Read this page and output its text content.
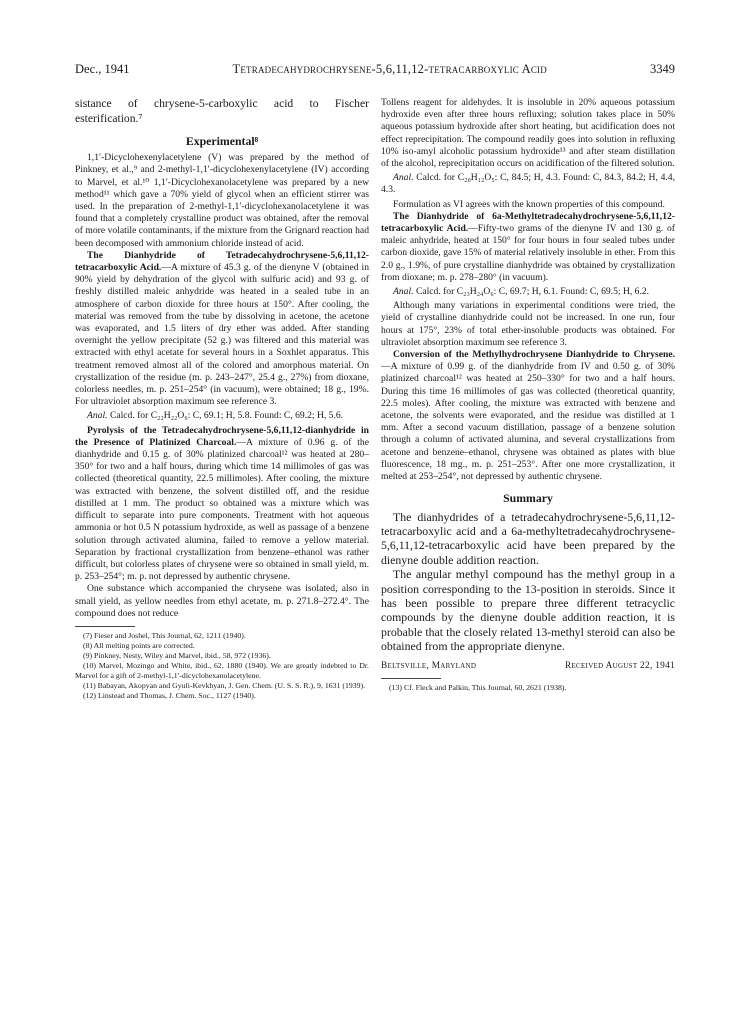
Dec., 1941	Tetradecahydrochrysene-5,6,11,12-tetracarboxylic Acid	3349

sistance of chrysene-5-carboxylic acid to Fischer esterification.⁷

Experimental⁸

1,1′-Dicyclohexenylacetylene (V) was prepared by the method of Pinkney, et al.,⁹ and 2-methyl-1,1′-dicyclohexenylacetylene (IV) according to Marvel, et al.¹⁰ 1,1′-Dicyclohexanolacetylene was prepared by a new method¹¹ which gave a 70% yield of glycol when an efficient stirrer was used. In the preparation of 2-methyl-1,1′-dicyclohexanolacetylene it was found that a completely crystalline product was obtained, after the removal of more volatile contaminants, if the mixture from the Grignard reaction had been decomposed with ammonium chloride instead of acid.

The Dianhydride of Tetradecahydrochrysene-5,6,11,12-tetracarboxylic Acid.—A mixture of 45.3 g. of the dienyne V (obtained in 90% yield by dehydration of the glycol with sulfuric acid) and 93 g. of freshly distilled maleic anhydride was heated in a sealed tube in an atmosphere of carbon dioxide for three hours at 150°. After cooling, the material was removed from the tube by dissolving in acetone, the acetone was evaporated, and 1.5 liters of dry ether was added. After standing overnight the yellow precipitate (52 g.) was filtered and this material was extracted with ethyl acetate for several hours in a Soxhlet apparatus. This treatment removed almost all of the colored and amorphous material. On crystallization of the residue (m. p. 243–247°, 25.4 g., 27%) from dioxane, colorless needles, m. p. 251–254° (in vacuum), were obtained; 18 g., 19%. For ultraviolet absorption maximum see reference 3.

Anal. Calcd. for C₂₂H₂₂O₆: C, 69.1; H, 5.8. Found: C, 69.2; H, 5.6.

Pyrolysis of the Tetradecahydrochrysene-5,6,11,12-dianhydride in the Presence of Platinized Charcoal.—A mixture of 0.96 g. of the dianhydride and 0.15 g. of 30% platinized charcoal¹² was heated at 280–350° for two and a half hours, during which time 14 millimoles of gas was collected (theoretical quantity, 22.5 millimoles). After cooling, the mixture was extracted with benzene, the solvent distilled off, and the residue distilled at 1 mm. The product so obtained was a mixture which was difficult to separate into pure components. Treatment with hot aqueous ammonia or hot 0.5 N potassium hydroxide, as well as passage of a benzene solution through activated alumina, failed to remove a yellow material. Separation by fractional crystallization from benzene–ethanol was rather difficult, but colorless plates of chrysene were so obtained in small yield, m. p. 253–254°; m. p. not depressed by authentic chrysene.

One substance which accompanied the chrysene was isolated, also in small yield, as yellow needles from ethyl acetate, m. p. 271.8–272.4°. The compound does not reduce

(7) Fieser and Joshel, This Journal, 62, 1211 (1940).

(8) All melting points are corrected.

(9) Pinkney, Nesty, Wiley and Marvel, ibid., 58, 972 (1936).

(10) Marvel, Mozingo and White, ibid., 62, 1880 (1940). We are greatly indebted to Dr. Marvel for a gift of 2-methyl-1,1′-dicyclohexanolacetylene.

(11) Babayan, Akopyan and Gyuli-Kevkhyan, J. Gen. Chem. (U. S. S. R.), 9, 1631 (1939).

(12) Linstead and Thomas, J. Chem. Soc., 1127 (1940).

Tollens reagent for aldehydes. It is insoluble in 20% aqueous potassium hydroxide even after three hours refluxing; solution takes place in 50% aqueous potassium hydroxide after short heating, but acidification does not effect reprecipitation. The compound readily goes into solution in refluxing 10% iso-amyl alcoholic potassium hydroxide¹³ and after steam distillation of the alcohol, reprecipitation occurs on acidification of the filtered solution.

Anal. Calcd. for C₂₀H₁₂O₅: C, 84.5; H, 4.3. Found: C, 84.3, 84.2; H, 4.4, 4.3.

Formulation as VI agrees with the known properties of this compound.

The Dianhydride of 6a-Methyltetradecahydrochrysene-5,6,11,12-tetracarboxylic Acid.—Fifty-two grams of the dienyne IV and 130 g. of maleic anhydride, heated at 150° for four hours in four sealed tubes under carbon dioxide, gave 15% of material relatively insoluble in ether. From this 2.0 g., 1.9%, of pure crystalline dianhydride was obtained by crystallization from dioxane; m. p. 278–280° (in vacuum).

Anal. Calcd. for C₂₃H₂₄O₆: C, 69.7; H, 6.1. Found: C, 69.5; H, 6.2.

Although many variations in experimental conditions were tried, the yield of crystalline dianhydride could not be increased. In one run, four hours at 175°, 23% of total ether-insoluble products was obtained. For ultraviolet absorption maximum see reference 3.

Conversion of the Methylhydrochrysene Dianhydride to Chrysene.—A mixture of 0.99 g. of the dianhydride from IV and 0.50 g. of 30% platinized charcoal¹² was heated at 250–330° for two and a half hours. During this time 16 millimoles of gas was collected (theoretical quantity, 22.5 moles). After cooling, the mixture was extracted with benzene and acetone, the solvents were evaporated, and the residue was distilled at 1 mm. After a second vacuum distillation, passage of a benzene solution through a column of activated alumina, and several crystallizations from acetone and benzene–ethanol, chrysene was obtained as plates with blue fluorescence, 18 mg., m. p. 251–253°. After one more crystallization, it melted at 253–254°, not depressed by authentic chrysene.

Summary

The dianhydrides of a tetradecahydrochrysene-5,6,11,12-tetracarboxylic acid and a 6a-methyltetradecahydrochrysene-5,6,11,12-tetracarboxylic acid have been prepared by the dienyne double addition reaction.

The angular methyl compound has the methyl group in a position corresponding to the 13-position in steroids. Since it has been possible to prepare three different tetracyclic compounds by the dienyne double addition reaction, it is probable that the closely related 13-methyl steroid can also be obtained from the appropriate dienyne.

Beltsville, Maryland	Received August 22, 1941

(13) Cf. Fleck and Palkin, This Journal, 60, 2621 (1938).
